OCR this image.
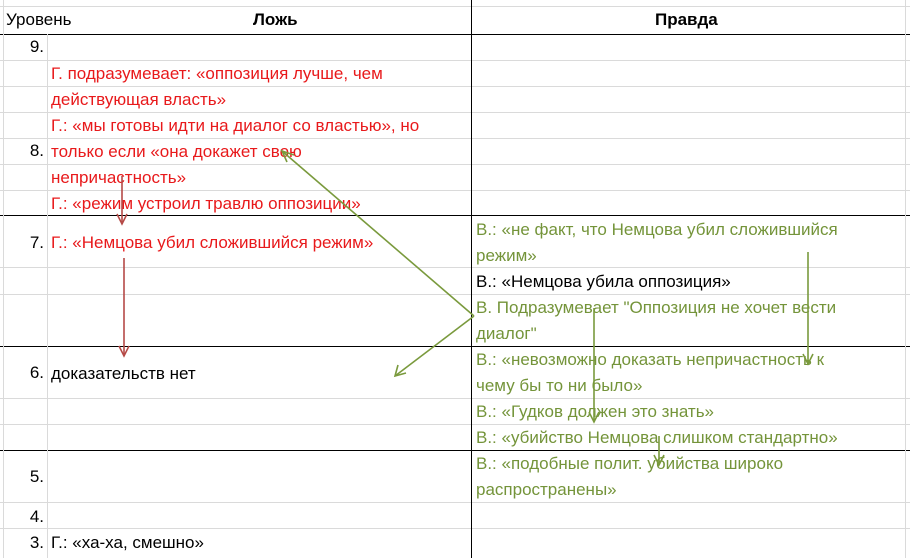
Уровень	Ложь	Правда
9.
8.
7.
6.
5.
4.
3.
Г. подразумевает: «оппозиция лучше, чем
действующая власть»
Г.: «мы готовы идти на диалог со властью», но
только если «она докажет свою
непричастность»
Г.: «режим устроил травлю оппозиции»
Г.: «Немцова убил сложившийся режим»
доказательств нет
Г.: «ха-ха, смешно»
В.: «не факт, что Немцова убил сложившийся
режим»
В.: «Немцова убила оппозиция»
В. Подразумевает "Оппозиция не хочет вести
диалог"
В.: «невозможно доказать непричастность к
чему бы то ни было»
В.: «Гудков должен это знать»
В.: «убийство Немцова слишком стандартно»
В.: «подобные полит. убийства широко
распространены»
